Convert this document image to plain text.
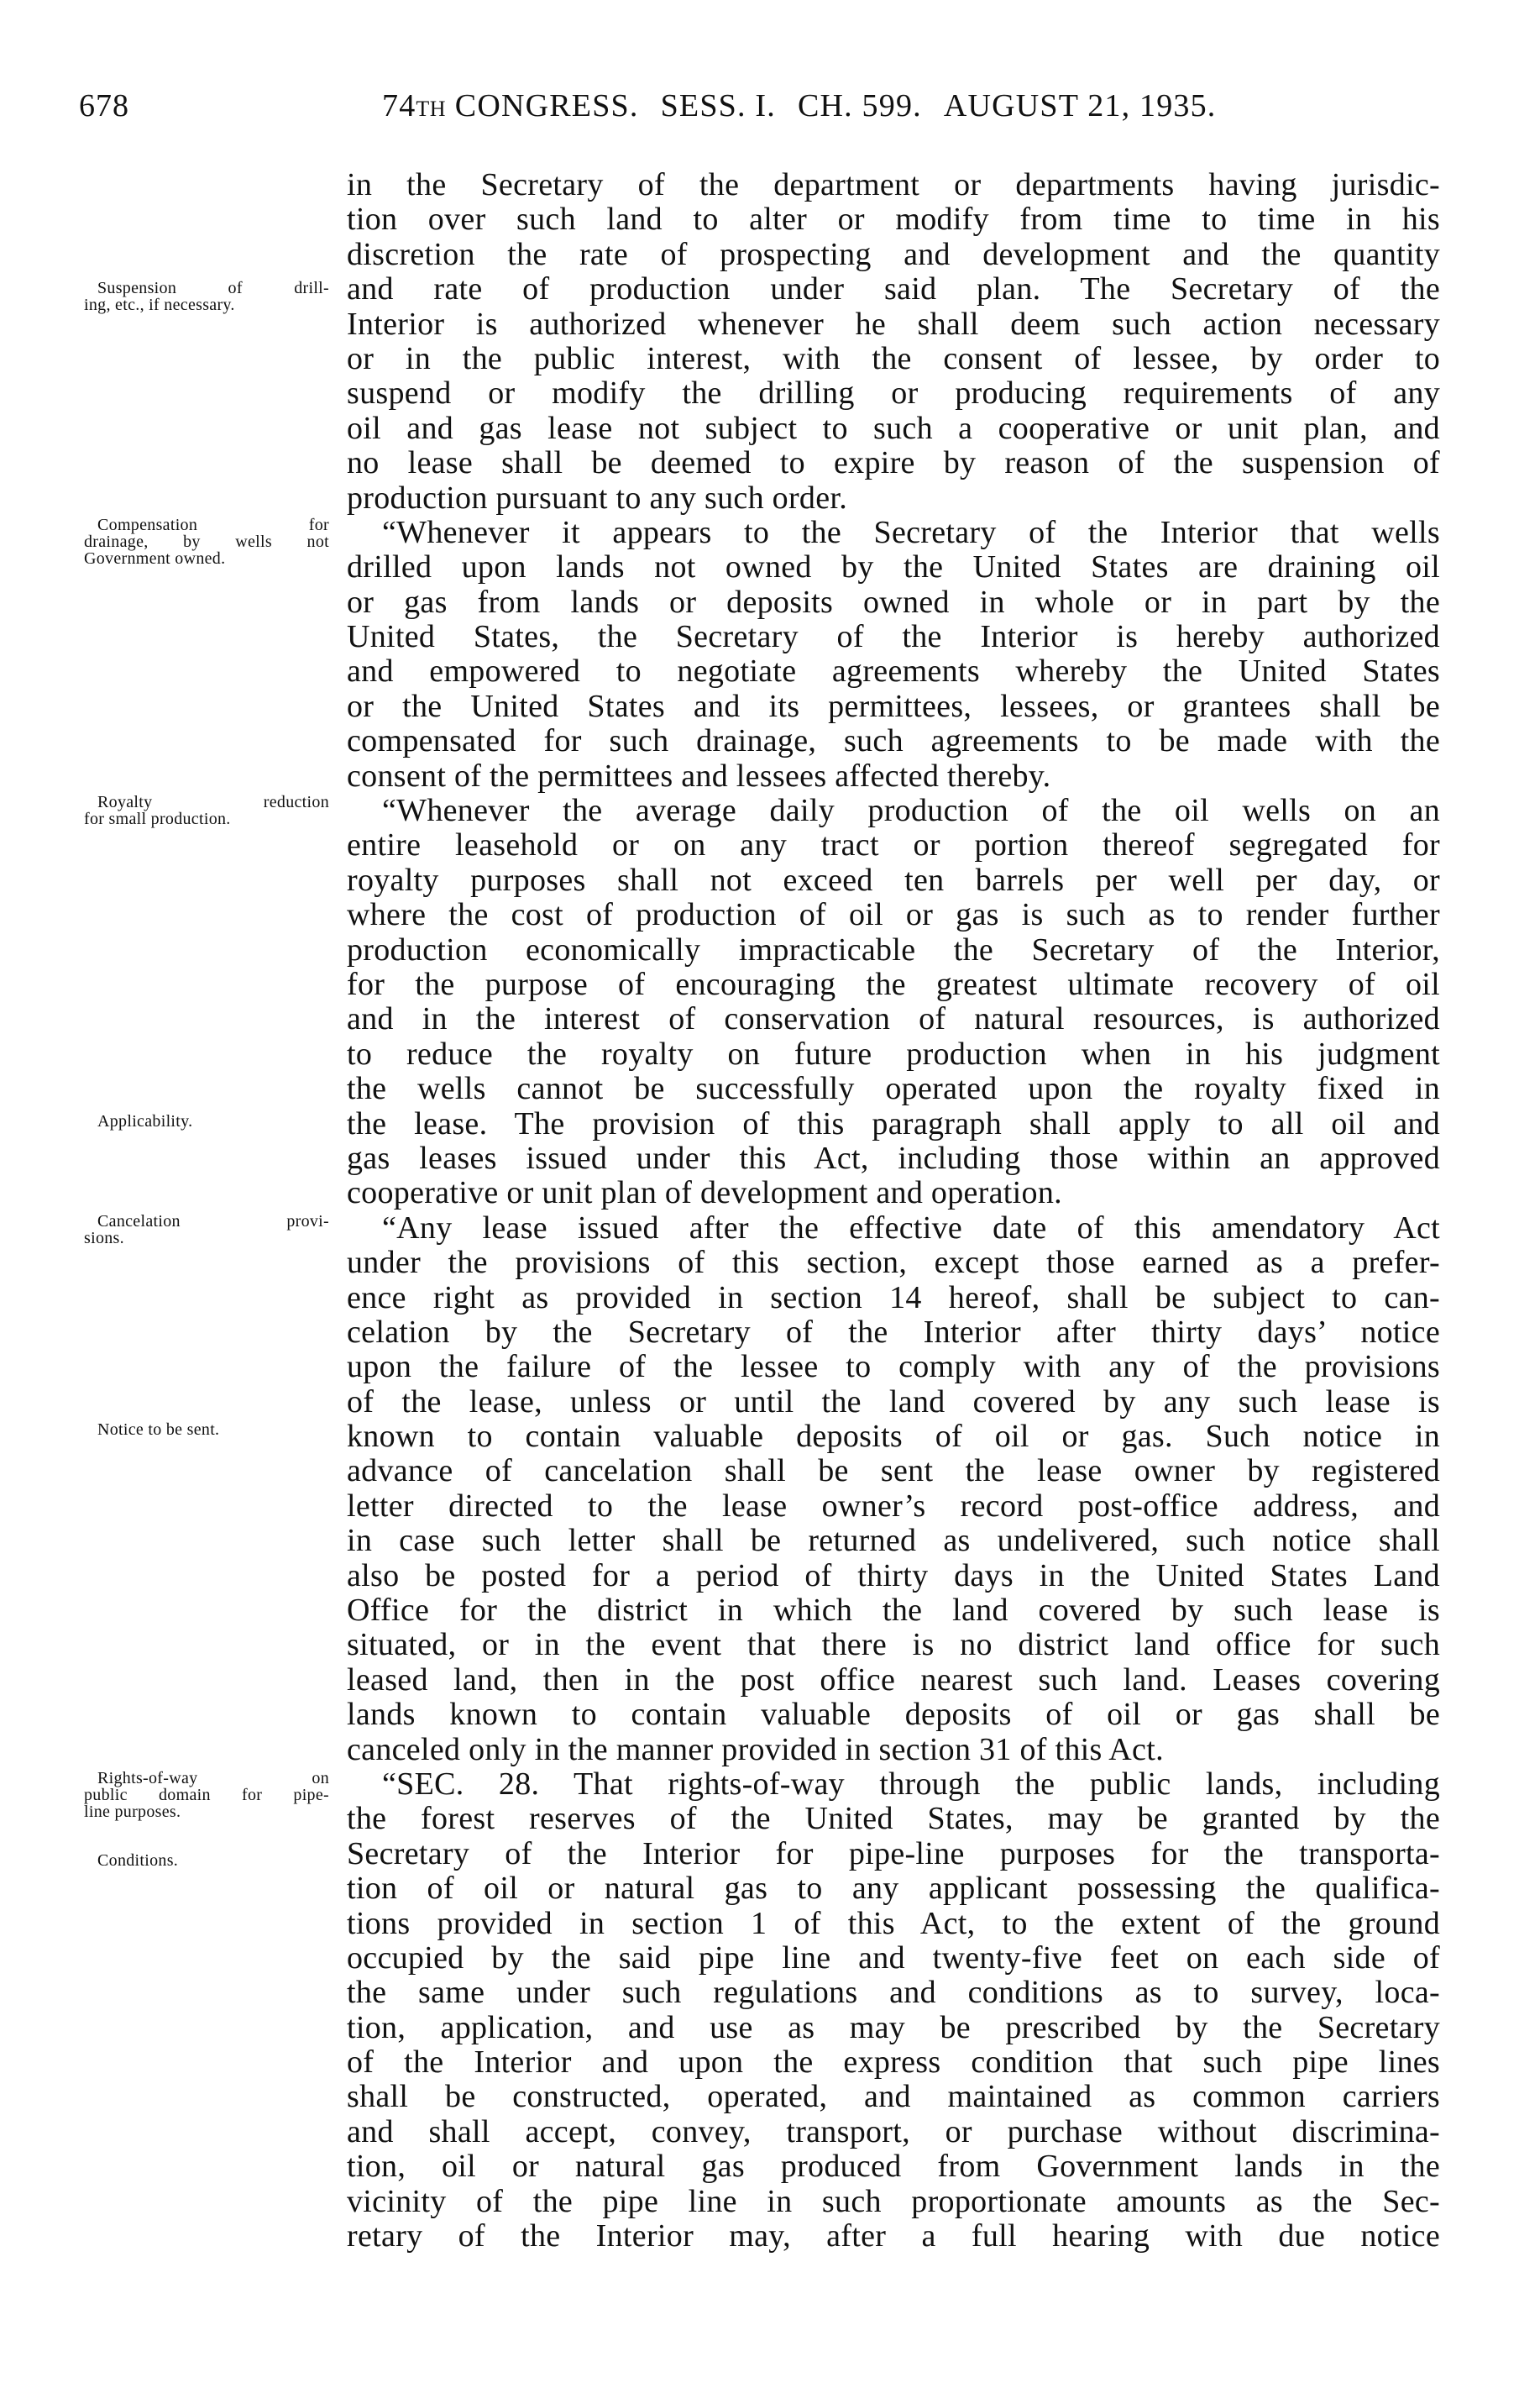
678	74TH CONGRESS. SESS. I. CH. 599. AUGUST 21, 1935.
Suspension of drill-
ing, etc., if necessary.
Compensation for
drainage, by wells not
Government owned.
Royalty reduction
for small production.
Applicability.
Cancelation provi-
sions.
Notice to be sent.
Rights-of-way on
public domain for pipe-
line purposes.
Conditions.
in the Secretary of the department or departments having jurisdic-
tion over such land to alter or modify from time to time in his
discretion the rate of prospecting and development and the quantity
and rate of production under said plan. The Secretary of the
Interior is authorized whenever he shall deem such action necessary
or in the public interest, with the consent of lessee, by order to
suspend or modify the drilling or producing requirements of any
oil and gas lease not subject to such a cooperative or unit plan, and
no lease shall be deemed to expire by reason of the suspension of
production pursuant to any such order.
“Whenever it appears to the Secretary of the Interior that wells
drilled upon lands not owned by the United States are draining oil
or gas from lands or deposits owned in whole or in part by the
United States, the Secretary of the Interior is hereby authorized
and empowered to negotiate agreements whereby the United States
or the United States and its permittees, lessees, or grantees shall be
compensated for such drainage, such agreements to be made with the
consent of the permittees and lessees affected thereby.
“Whenever the average daily production of the oil wells on an
entire leasehold or on any tract or portion thereof segregated for
royalty purposes shall not exceed ten barrels per well per day, or
where the cost of production of oil or gas is such as to render further
production economically impracticable the Secretary of the Interior,
for the purpose of encouraging the greatest ultimate recovery of oil
and in the interest of conservation of natural resources, is authorized
to reduce the royalty on future production when in his judgment
the wells cannot be successfully operated upon the royalty fixed in
the lease. The provision of this paragraph shall apply to all oil and
gas leases issued under this Act, including those within an approved
cooperative or unit plan of development and operation.
“Any lease issued after the effective date of this amendatory Act
under the provisions of this section, except those earned as a prefer-
ence right as provided in section 14 hereof, shall be subject to can-
celation by the Secretary of the Interior after thirty days’ notice
upon the failure of the lessee to comply with any of the provisions
of the lease, unless or until the land covered by any such lease is
known to contain valuable deposits of oil or gas. Such notice in
advance of cancelation shall be sent the lease owner by registered
letter directed to the lease owner’s record post-office address, and
in case such letter shall be returned as undelivered, such notice shall
also be posted for a period of thirty days in the United States Land
Office for the district in which the land covered by such lease is
situated, or in the event that there is no district land office for such
leased land, then in the post office nearest such land. Leases covering
lands known to contain valuable deposits of oil or gas shall be
canceled only in the manner provided in section 31 of this Act.
“SEC. 28. That rights-of-way through the public lands, including
the forest reserves of the United States, may be granted by the
Secretary of the Interior for pipe-line purposes for the transporta-
tion of oil or natural gas to any applicant possessing the qualifica-
tions provided in section 1 of this Act, to the extent of the ground
occupied by the said pipe line and twenty-five feet on each side of
the same under such regulations and conditions as to survey, loca-
tion, application, and use as may be prescribed by the Secretary
of the Interior and upon the express condition that such pipe lines
shall be constructed, operated, and maintained as common carriers
and shall accept, convey, transport, or purchase without discrimina-
tion, oil or natural gas produced from Government lands in the
vicinity of the pipe line in such proportionate amounts as the Sec-
retary of the Interior may, after a full hearing with due notice
